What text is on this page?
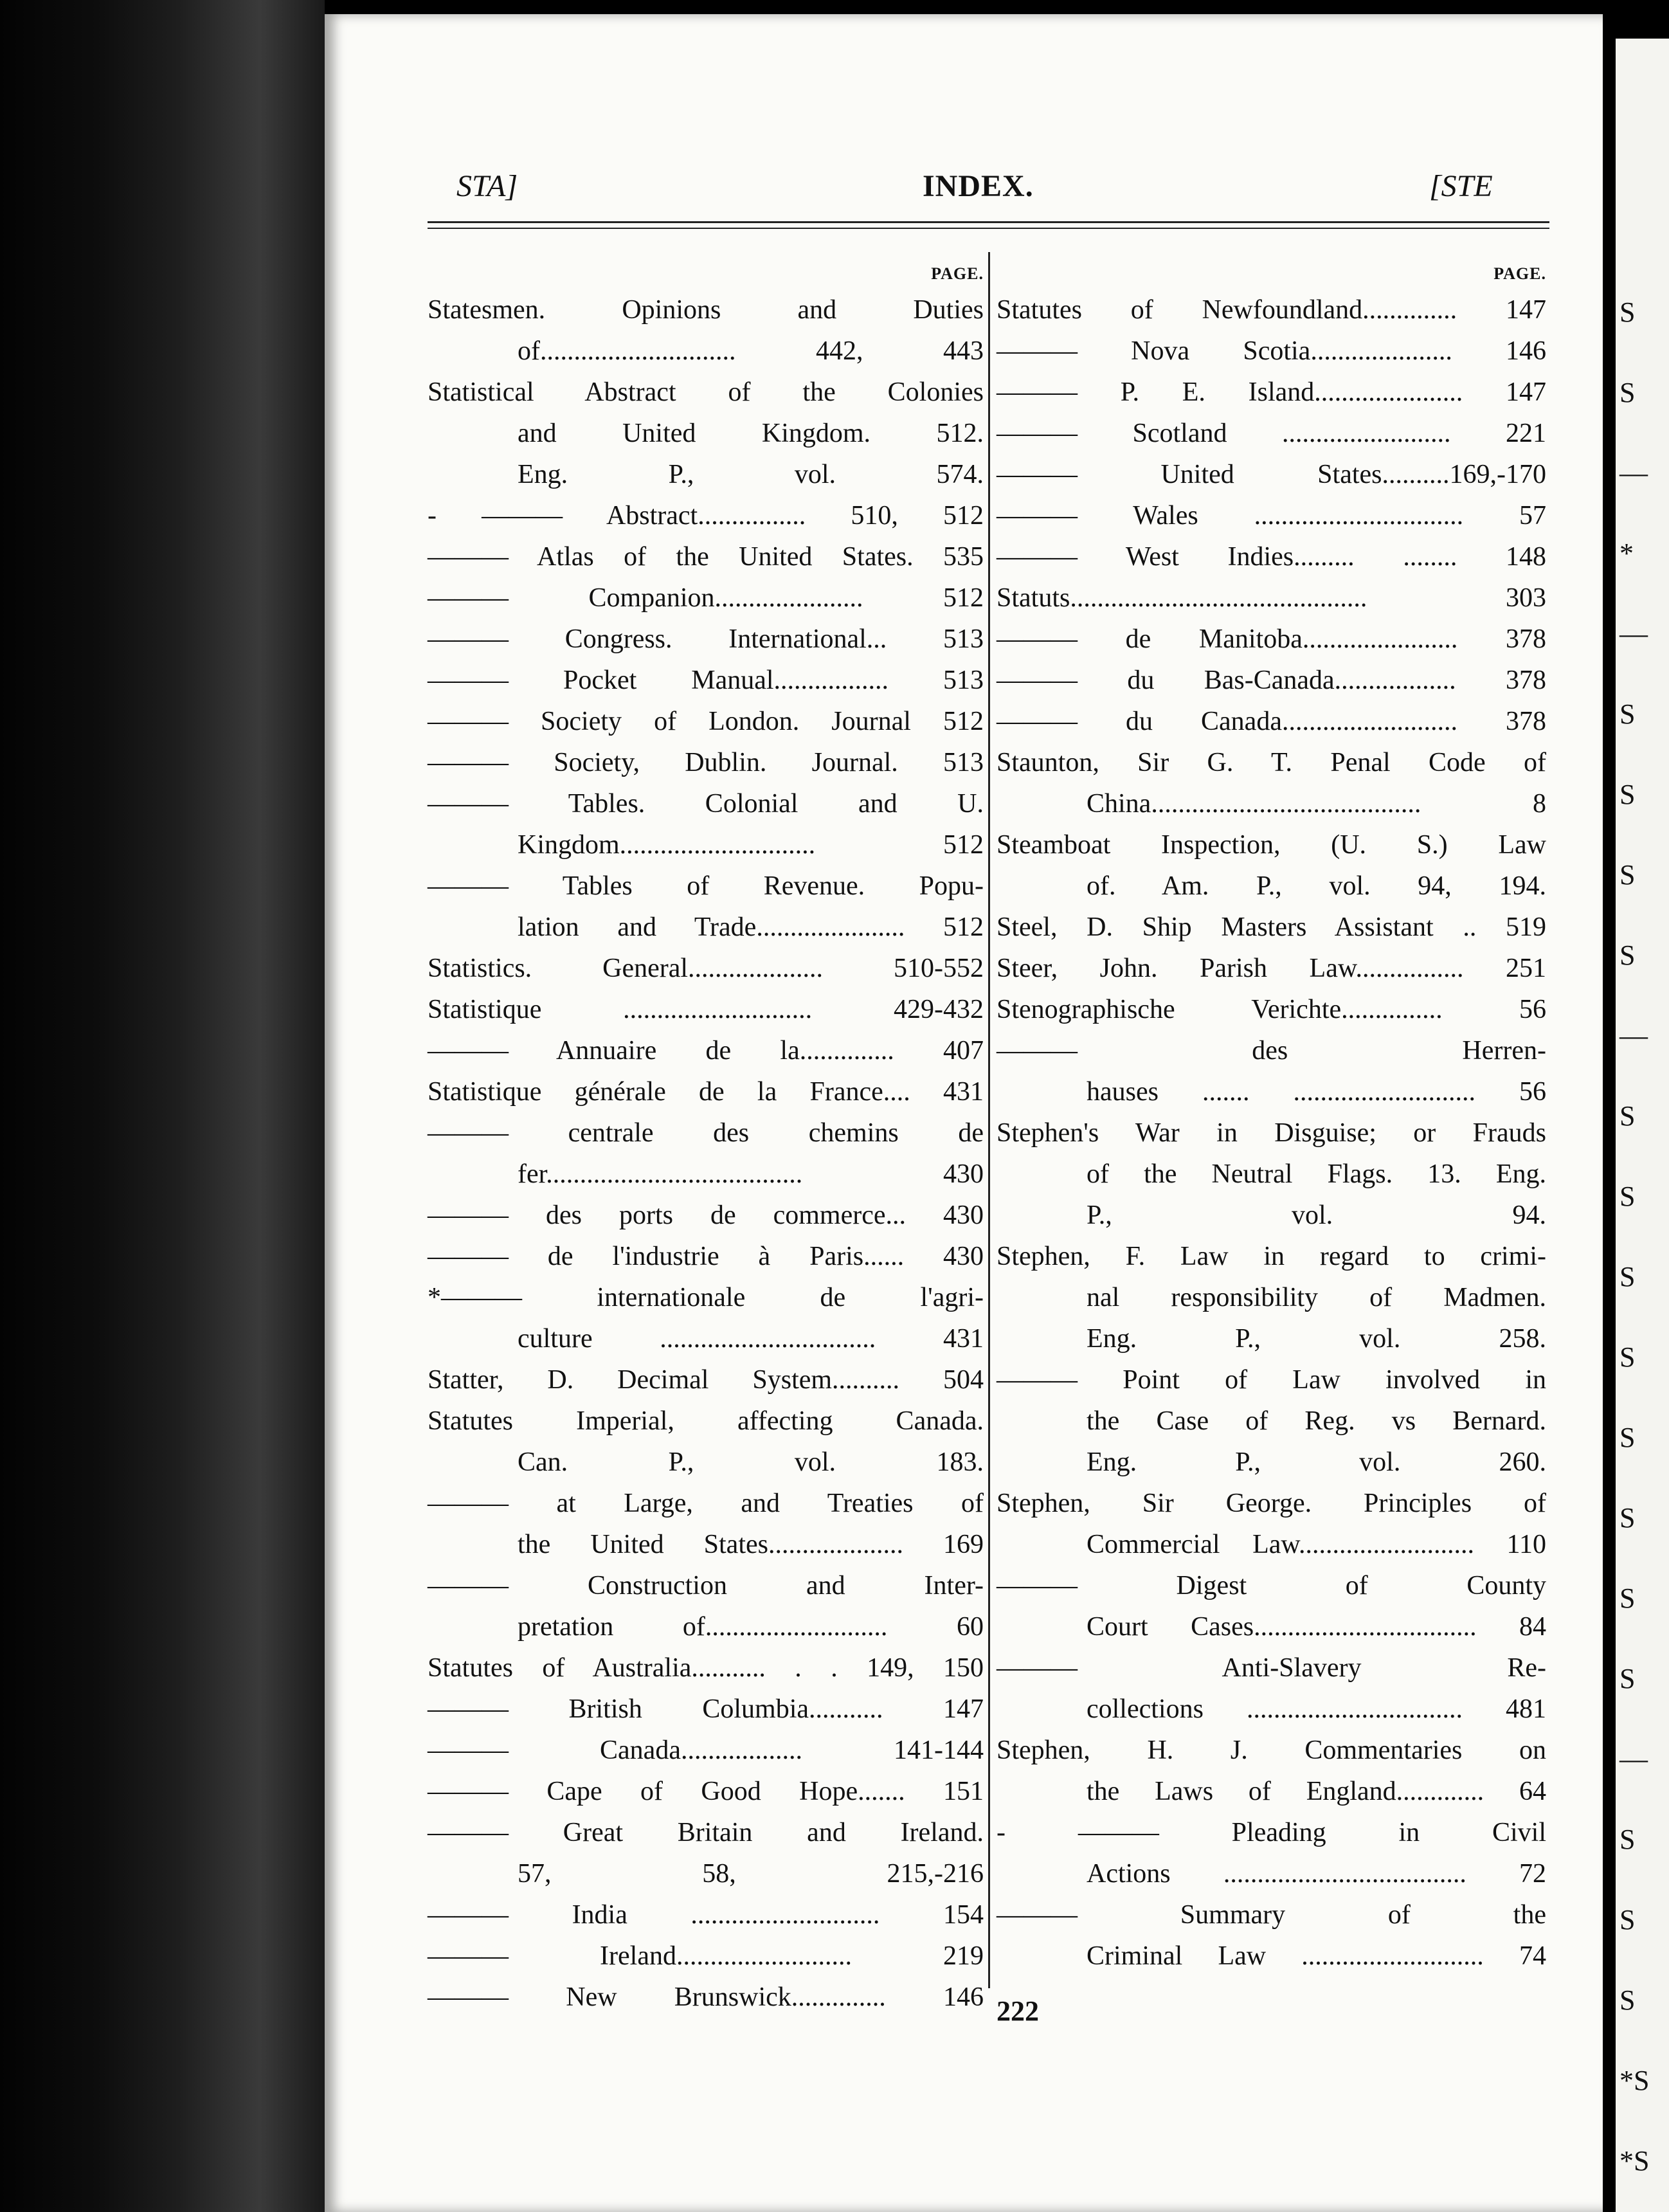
S
S
—
*
—
S
S
S
S
—
S
S
S
S
S
S
S
S
—
S
S
S
*S
*S
STA]	INDEX.	[STE
PAGE.
Statesmen. Opinions and Duties
of............................. 442, 443
Statistical Abstract of the Colonies
and United Kingdom. 512.
Eng. P., vol. 574.
- ——— Abstract................ 510, 512
——— Atlas of the United States. 535
——— Companion...................... 512
——— Congress. International... 513
——— Pocket Manual................. 513
——— Society of London. Journal 512
——— Society, Dublin. Journal. 513
——— Tables. Colonial and U.
Kingdom............................. 512
——— Tables of Revenue. Popu-
lation and Trade...................... 512
Statistics. General.................... 510-552
Statistique ............................ 429-432
——— Annuaire de la.............. 407
Statistique générale de la France.... 431
——— centrale des chemins de
fer...................................... 430
——— des ports de commerce... 430
——— de l'industrie à Paris...... 430
*——— internationale de l'agri-
culture ................................ 431
Statter, D. Decimal System.......... 504
Statutes Imperial, affecting Canada.
Can. P., vol. 183.
——— at Large, and Treaties of
the United States.................... 169
——— Construction and Inter-
pretation of........................... 60
Statutes of Australia........... . . 149, 150
——— British Columbia........... 147
——— Canada.................. 141-144
——— Cape of Good Hope....... 151
——— Great Britain and Ireland.
57, 58, 215,-216
——— India ............................ 154
——— Ireland.......................... 219
——— New Brunswick.............. 146
PAGE.
Statutes of Newfoundland.............. 147
——— Nova Scotia..................... 146
——— P. E. Island...................... 147
——— Scotland ......................... 221
——— United States..........169,-170
——— Wales ............................... 57
——— West Indies......... ........ 148
Statuts............................................ 303
——— de Manitoba....................... 378
——— du Bas-Canada.................. 378
——— du Canada.......................... 378
Staunton, Sir G. T. Penal Code of
China........................................ 8
Steamboat Inspection, (U. S.) Law
of. Am. P., vol. 94, 194.
Steel, D. Ship Masters Assistant .. 519
Steer, John. Parish Law................ 251
Stenographische Verichte............... 56
——— des Herren-
hauses ....... ........................... 56
Stephen's War in Disguise; or Frauds
of the Neutral Flags. 13. Eng.
P., vol. 94.
Stephen, F. Law in regard to crimi-
nal responsibility of Madmen.
Eng. P., vol. 258.
——— Point of Law involved in
the Case of Reg. vs Bernard.
Eng. P., vol. 260.
Stephen, Sir George. Principles of
Commercial Law.......................... 110
——— Digest of County
Court Cases................................. 84
——— Anti-Slavery Re-
collections ................................ 481
Stephen, H. J. Commentaries on
the Laws of England............. 64
- ——— Pleading in Civil
Actions .................................... 72
——— Summary of the
Criminal Law ........................... 74
222
